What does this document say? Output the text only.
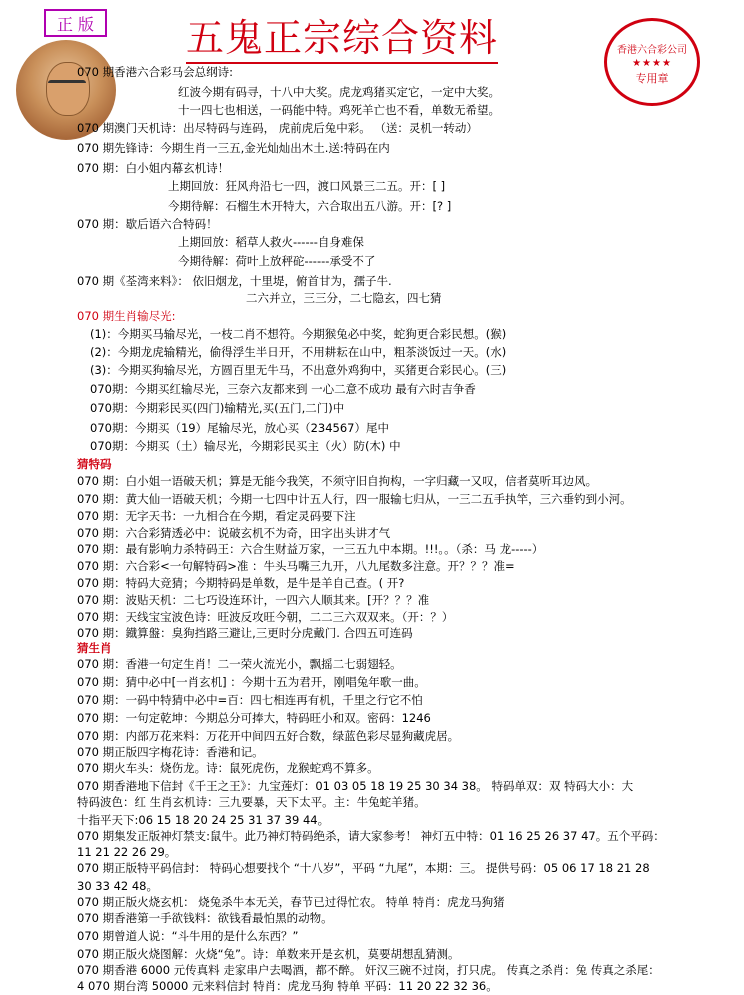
正 版	五鬼正宗综合资料	香港六合彩公司
★★★★
专用章
070 期香港六合彩马会总纲诗:
红波今期有码寻，十八中大奖。虎龙鸡猪买定它，一定中大奖。
十一四七也相送，一码能中特。鸡死羊亡也不看，单数无希望。
070 期澳门天机诗：出尽特码与连码， 虎前虎后兔中彩。 （送：灵机一转动）
070 期先锋诗：今期生肖一三五,金光灿灿出木土.送:特码在内
070 期：白小姐内幕玄机诗！
上期回放：狂风舟沿七一四，渡口风景三二五。开：[ ]
今期待解：石榴生木开特大，六合取出五八游。开：[? ]
070 期：歇后语六合特码！
上期回放：稻草人救火------自身难保
今期待解：荷叶上放秤砣------承受不了
070 期《荃湾来料》： 依旧烟龙，十里堤，俯首甘为，孺子牛.
二六并立，三三分，二七隐玄，四七猜
070 期生肖输尽光:
(1)：今期买马输尽光，一枝二肖不想符。今期猴兔必中奖，蛇狗更合彩民想。(猴)
(2)：今期龙虎输精光，偷得浮生半日开，不用耕耘在山中，粗茶淡饭过一天。(水)
(3)：今期买狗输尽光，方圆百里无牛马，不出意外鸡狗中，买猪更合彩民心。(三)
070期：今期买红输尽光，三奈六友都来到 一心二意不成功 最有六时吉争香
070期：今期彩民买(四门)输精光,买(五门,二门)中
070期：今期买（19）尾输尽光，放心买（234567）尾中
070期：今期买（土）输尽光，今期彩民买主（火）防(木) 中
猜特码
070 期：白小姐一语破天机；算是无能今我笑，不须守旧自拘构，一字归藏一又叹，信者莫听耳边风。
070 期：黄大仙一语破天机；今期一七四中计五人行，四一服输七归从，一三二五手执竿，三六垂钓到小河。
070 期：无字天书：一九相合在今期，看定灵码要下注
070 期：六合彩猜透必中：说破玄机不为奇，田字出头讲才气
070 期：最有影响力杀特码王：六合生财益万家，一三五九中本期。!!!。。（杀：马 龙-----）
070 期：六合彩<一句解特码>准 ：牛头马嘴三九开，八九尾数多注意。开？？？准=
070 期：特码大竞猜；今期特码是单数，是牛是羊自己查。( 开?
070 期：波贴天机：二七巧设连环计，一四六人顺其来。[开？？？准
070 期：天线宝宝波色诗：旺波反攻旺今朝，二二三六双双来。（开：？）
070 期：鐡算盤：臭狗挡路三避让,三更时分虎戴门. 合四五可连码
猜生肖
070 期：香港一句定生肖！二一荣火流光小，飘摇二七弱翅轻。
070 期：猜中必中[一肖玄机] ：今期十五为君开，刚唱兔年歌一曲。
070 期：一码中特猜中必中=百：四七相连再有机，千里之行它不怕
070 期：一句定乾坤：今期总分可捧大，特码旺小和双。密码：1246
070 期：内部万花来料：万花开中间四五好合数，绿蓝色彩尽显狗藏虎居。
070 期正版四字梅花诗：香港和记。
070 期火车头：烧伤龙。诗：鼠死虎伤，龙猴蛇鸡不算多。
070 期香港地下信封《千王之王》：九宝莲灯：01 03 05 18 19 25 30 34 38。 特码单双：双 特码大小：大
特码波色：红 生肖玄机诗：三九要暴，天下太平。主：牛兔蛇羊猪。
十指平天下:06 15 18 20 24 25 31 37 39 44。
070 期集发正版神灯禁支:鼠牛。此乃神灯特码绝杀，请大家参考！ 神灯五中特：01 16 25 26 37 47。五个平码：
11 21 22 26 29。
070 期正版特平码信封： 特码心想要找个 “十八岁”，平码 “九尾”，本期：三。 提供号码：05 06 17 18 21 28
30 33 42 48。
070 期正版火烧玄机： 烧兔杀牛本无关，春节已过得忙农。 特单 特肖：虎龙马狗猪
070 期香港第一手欲钱料：欲钱看最怕黑的动物。
070 期曾道人说：“斗牛用的是什么东西？”
070 期正版火烧图解：火烧“兔”。诗：单数来开是玄机，莫要胡想乱猜测。
070 期香港 6000 元传真料 走家串户去喝酒，都不醉。 奸汉三碗不过岗，打只虎。 传真之杀肖：兔 传真之杀尾：
4 070 期台湾 50000 元来料信封 特肖：虎龙马狗 特单 平码：11 20 22 32 36。
